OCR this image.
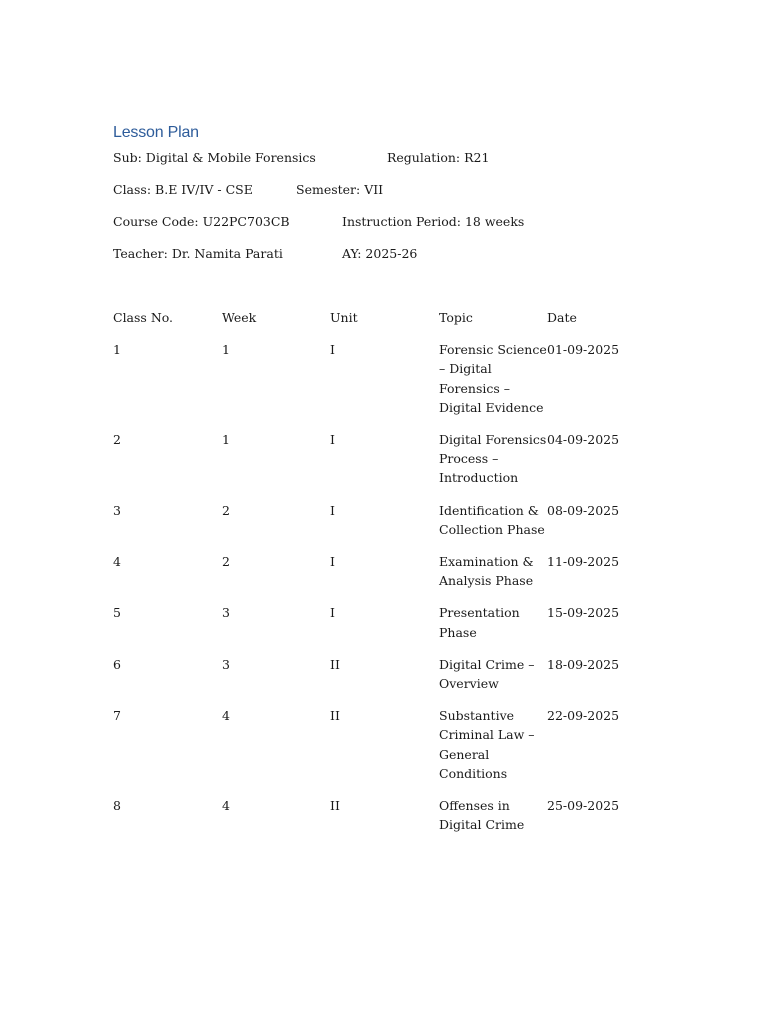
Lesson Plan
Sub: Digital & Mobile Forensics	Regulation: R21
Class: B.E IV/IV - CSE	Semester: VII
Course Code: U22PC703CB	Instruction Period: 18 weeks
Teacher: Dr. Namita Parati	AY: 2025-26
Class No.	Week	Unit	Topic	Date
1	1	I	Forensic Science – Digital Forensics – Digital Evidence	01-09-2025
2	1	I	Digital Forensics Process – Introduction	04-09-2025
3	2	I	Identification & Collection Phase	08-09-2025
4	2	I	Examination & Analysis Phase	11-09-2025
5	3	I	Presentation Phase	15-09-2025
6	3	II	Digital Crime – Overview	18-09-2025
7	4	II	Substantive Criminal Law – General Conditions	22-09-2025
8	4	II	Offenses in Digital Crime	25-09-2025
